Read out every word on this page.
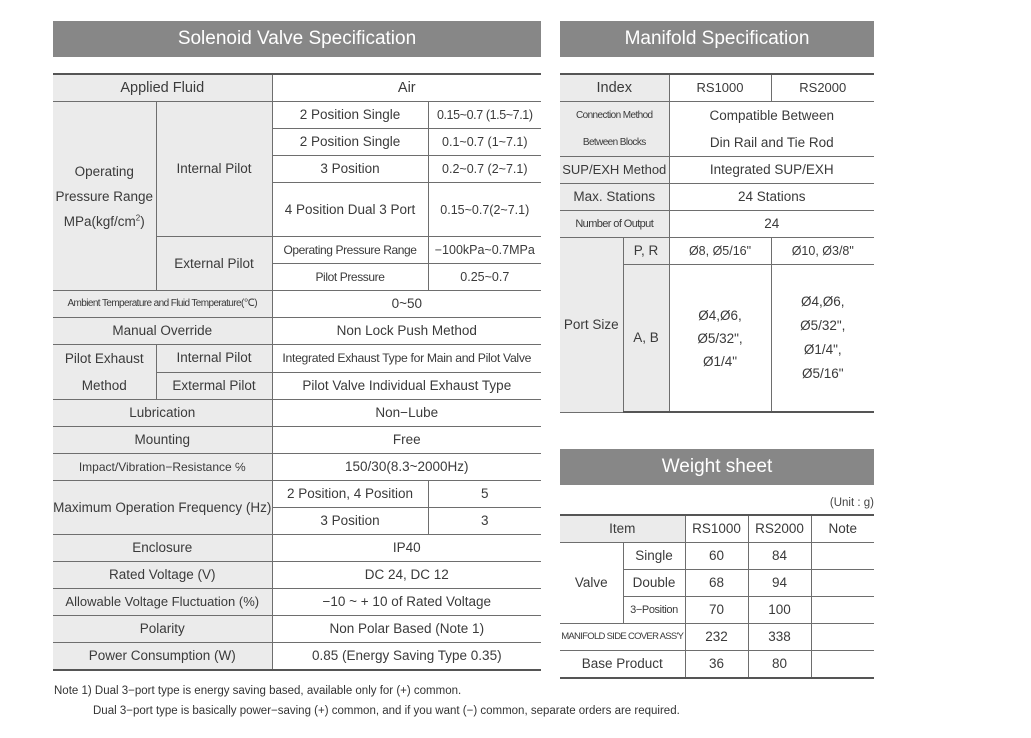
Solenoid Valve Specification
Applied Fluid		Air	
Operating
Pressure Range
$MPa(kgf/cm^2)$	Internal Pilot	2 Position Single	0.15~0.7 (1.5~7.1)
		2 Position Single	0.1~0.7 (1~7.1)
		3 Position	0.2~0.7 (2~7.1)
		4 Position Dual 3 Port	0.15~0.7(2~7.1)
	External Pilot	Operating Pressure Range	−100kPa~0.7MPa
		Pilot Pressure	0.25~0.7
Ambient Temperature and Fluid Temperature(℃)		0~50	
Manual Override		Non Lock Push Method	
Pilot Exhaust
Method	Internal Pilot	Integrated Exhaust Type for Main and Pilot Valve	
	Extermal Pilot	Pilot Valve Individual Exhaust Type	
Lubrication		Non−Lube	
Mounting		Free	
Impact/Vibration−Resistance ℅		150/30(8.3~2000Hz)	
Maximum Operation Frequency (Hz)		2 Position, 4 Position	5
		3 Position	3
Enclosure		IP40	
Rated Voltage (V)		DC 24, DC 12	
Allowable Voltage Fluctuation (%)		−10 ~ + 10 of Rated Voltage	
Polarity		Non Polar Based (Note 1)	
Power Consumption (W)		0.85 (Energy Saving Type 0.35)	
Note 1) Dual 3−port type is energy saving based, available only for (+) common.
Dual 3−port type is basically power−saving (+) common, and if you want (−) common, separate orders are required.
Manifold Specification
Index		RS1000	RS2000
Connection Method
Between Blocks		Compatible Between
Din Rail and Tie Rod	
SUP/EXH Method		Integrated SUP/EXH	
Max. Stations		24 Stations	
Number of Output		24	
Port Size	P, R	Ø8, Ø5/16"	Ø10, Ø3/8"
	A, B	Ø4,Ø6,
Ø5/32",
Ø1/4"	Ø4,Ø6,
Ø5/32",
Ø1/4",
Ø5/16"
Weight sheet
(Unit : g)
Item		RS1000	RS2000	Note
Valve	Single	60	84	
	Double	68	94	
	3−Position	70	100	
MANIFOLD SIDE COVER ASS'Y		232	338	
Base Product		36	80	
